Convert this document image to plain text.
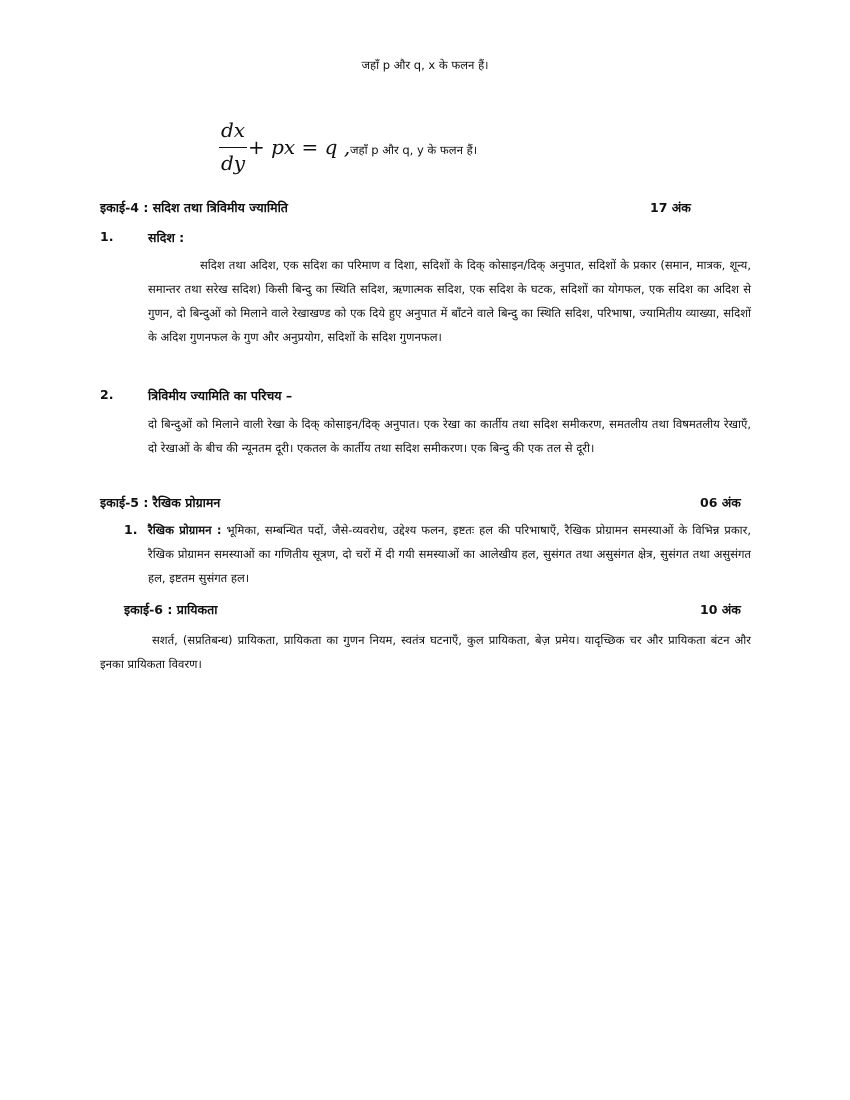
जहाँ p और q, x के फलन हैं।
dx
dy
+ px = q , जहाँ p और q, y के फलन हैं।
इकाई-4 : सदिश तथा त्रिविमीय ज्यामिति	17 अंक
1.	सदिश :
सदिश तथा अदिश, एक सदिश का परिमाण व दिशा, सदिशों के दिक् कोसाइन/दिक् अनुपात, सदिशों के प्रकार (समान, मात्रक, शून्य, समान्तर तथा सरेख सदिश) किसी बिन्दु का स्थिति सदिश, ऋणात्मक सदिश, एक सदिश के घटक, सदिशों का योगफल, एक सदिश का अदिश से गुणन, दो बिन्दुओं को मिलाने वाले रेखाखण्ड को एक दिये हुए अनुपात में बाँटने वाले बिन्दु का स्थिति सदिश, परिभाषा, ज्यामितीय व्याख्या, सदिशों के अदिश गुणनफल के गुण और अनुप्रयोग, सदिशों के सदिश गुणनफल।
2.	त्रिविमीय ज्यामिति का परिचय –
दो बिन्दुओं को मिलाने वाली रेखा के दिक् कोसाइन/दिक् अनुपात। एक रेखा का कार्तीय तथा सदिश समीकरण, समतलीय तथा विषमतलीय रेखाएँ, दो रेखाओं के बीच की न्यूनतम दूरी। एकतल के कार्तीय तथा सदिश समीकरण। एक बिन्दु की एक तल से दूरी।
इकाई-5 : रैखिक प्रोग्रामन	06 अंक
1. रैखिक प्रोग्रामन : भूमिका, सम्बन्धित पदों, जैसे-व्यवरोध, उद्देश्य फलन, इष्टतः हल की परिभाषाएँ, रैखिक प्रोग्रामन समस्याओं के विभिन्न प्रकार, रैखिक प्रोग्रामन समस्याओं का गणितीय सूत्रण, दो चरों में दी गयी समस्याओं का आलेखीय हल, सुसंगत तथा असुसंगत क्षेत्र, सुसंगत तथा असुसंगत हल, इष्टतम सुसंगत हल।
इकाई-6 : प्रायिकता	10 अंक
सशर्त, (सप्रतिबन्ध) प्रायिकता, प्रायिकता का गुणन नियम, स्वतंत्र घटनाएँ, कुल प्रायिकता, बेज़ प्रमेय। यादृच्छिक चर और प्रायिकता बंटन और इनका प्रायिकता विवरण।
